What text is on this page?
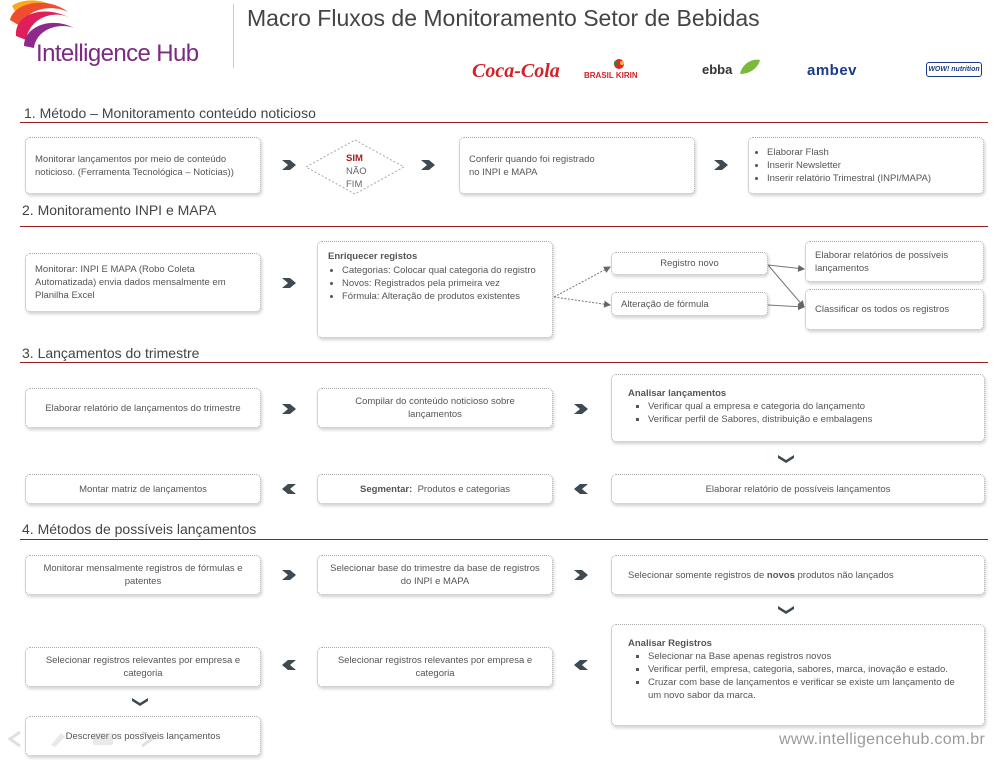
Intelligence Hub
Macro Fluxos de Monitoramento Setor de Bebidas
Coca-Cola	BRASIL KIRIN	ebba	ambev	WOW! nutrition
1. Método – Monitoramento conteúdo noticioso
2. Monitoramento INPI e MAPA
3. Lançamentos do trimestre
4. Métodos de possíveis lançamentos
Monitorar lançamentos por meio de conteúdo noticioso. (Ferramenta Tecnológica – Notícias))
SIM
NÃO
FIM
Conferir quando foi registrado
no INPI e MAPA
• Elaborar Flash
• Inserir Newsletter
• Inserir relatório Trimestral (INPI/MAPA)
Monitorar: INPI E MAPA (Robo Coleta Automatizada) envia dados mensalmente em Planilha Excel
Enriquecer registos
• Categorias: Colocar qual categoria do registro
• Novos: Registrados pela primeira vez
• Fórmula: Alteração de produtos existentes
Registro novo
Alteração de fórmula
Elaborar relatórios de possíveis lançamentos
Classificar os todos os registros
Elaborar relatório de lançamentos do trimestre
Compilar do conteúdo noticioso sobre lançamentos
Analisar lançamentos
▪ Verificar qual a empresa e categoria do lançamento
▪ Verificar perfil de Sabores, distribuição e embalagens
Montar matriz de lançamentos	Segmentar:
Produtos e categorias	Elaborar relatório de possíveis lançamentos
Monitorar mensalmente registros de fórmulas e patentes
Selecionar base do trimestre da base de registros do INPI e MAPA
Selecionar somente registros de novos produtos não lançados
Analisar Registros
▪ Selecionar na Base apenas registros novos
▪ Verificar perfil, empresa, categoria, sabores, marca, inovação e estado.
▪ Cruzar com base de lançamentos e verificar se existe um lançamento de um novo sabor da marca.
Selecionar registros relevantes por empresa e categoria
Selecionar registros relevantes por empresa e categoria
Descrever os possíveis lançamentos	www.intelligencehub.com.br
